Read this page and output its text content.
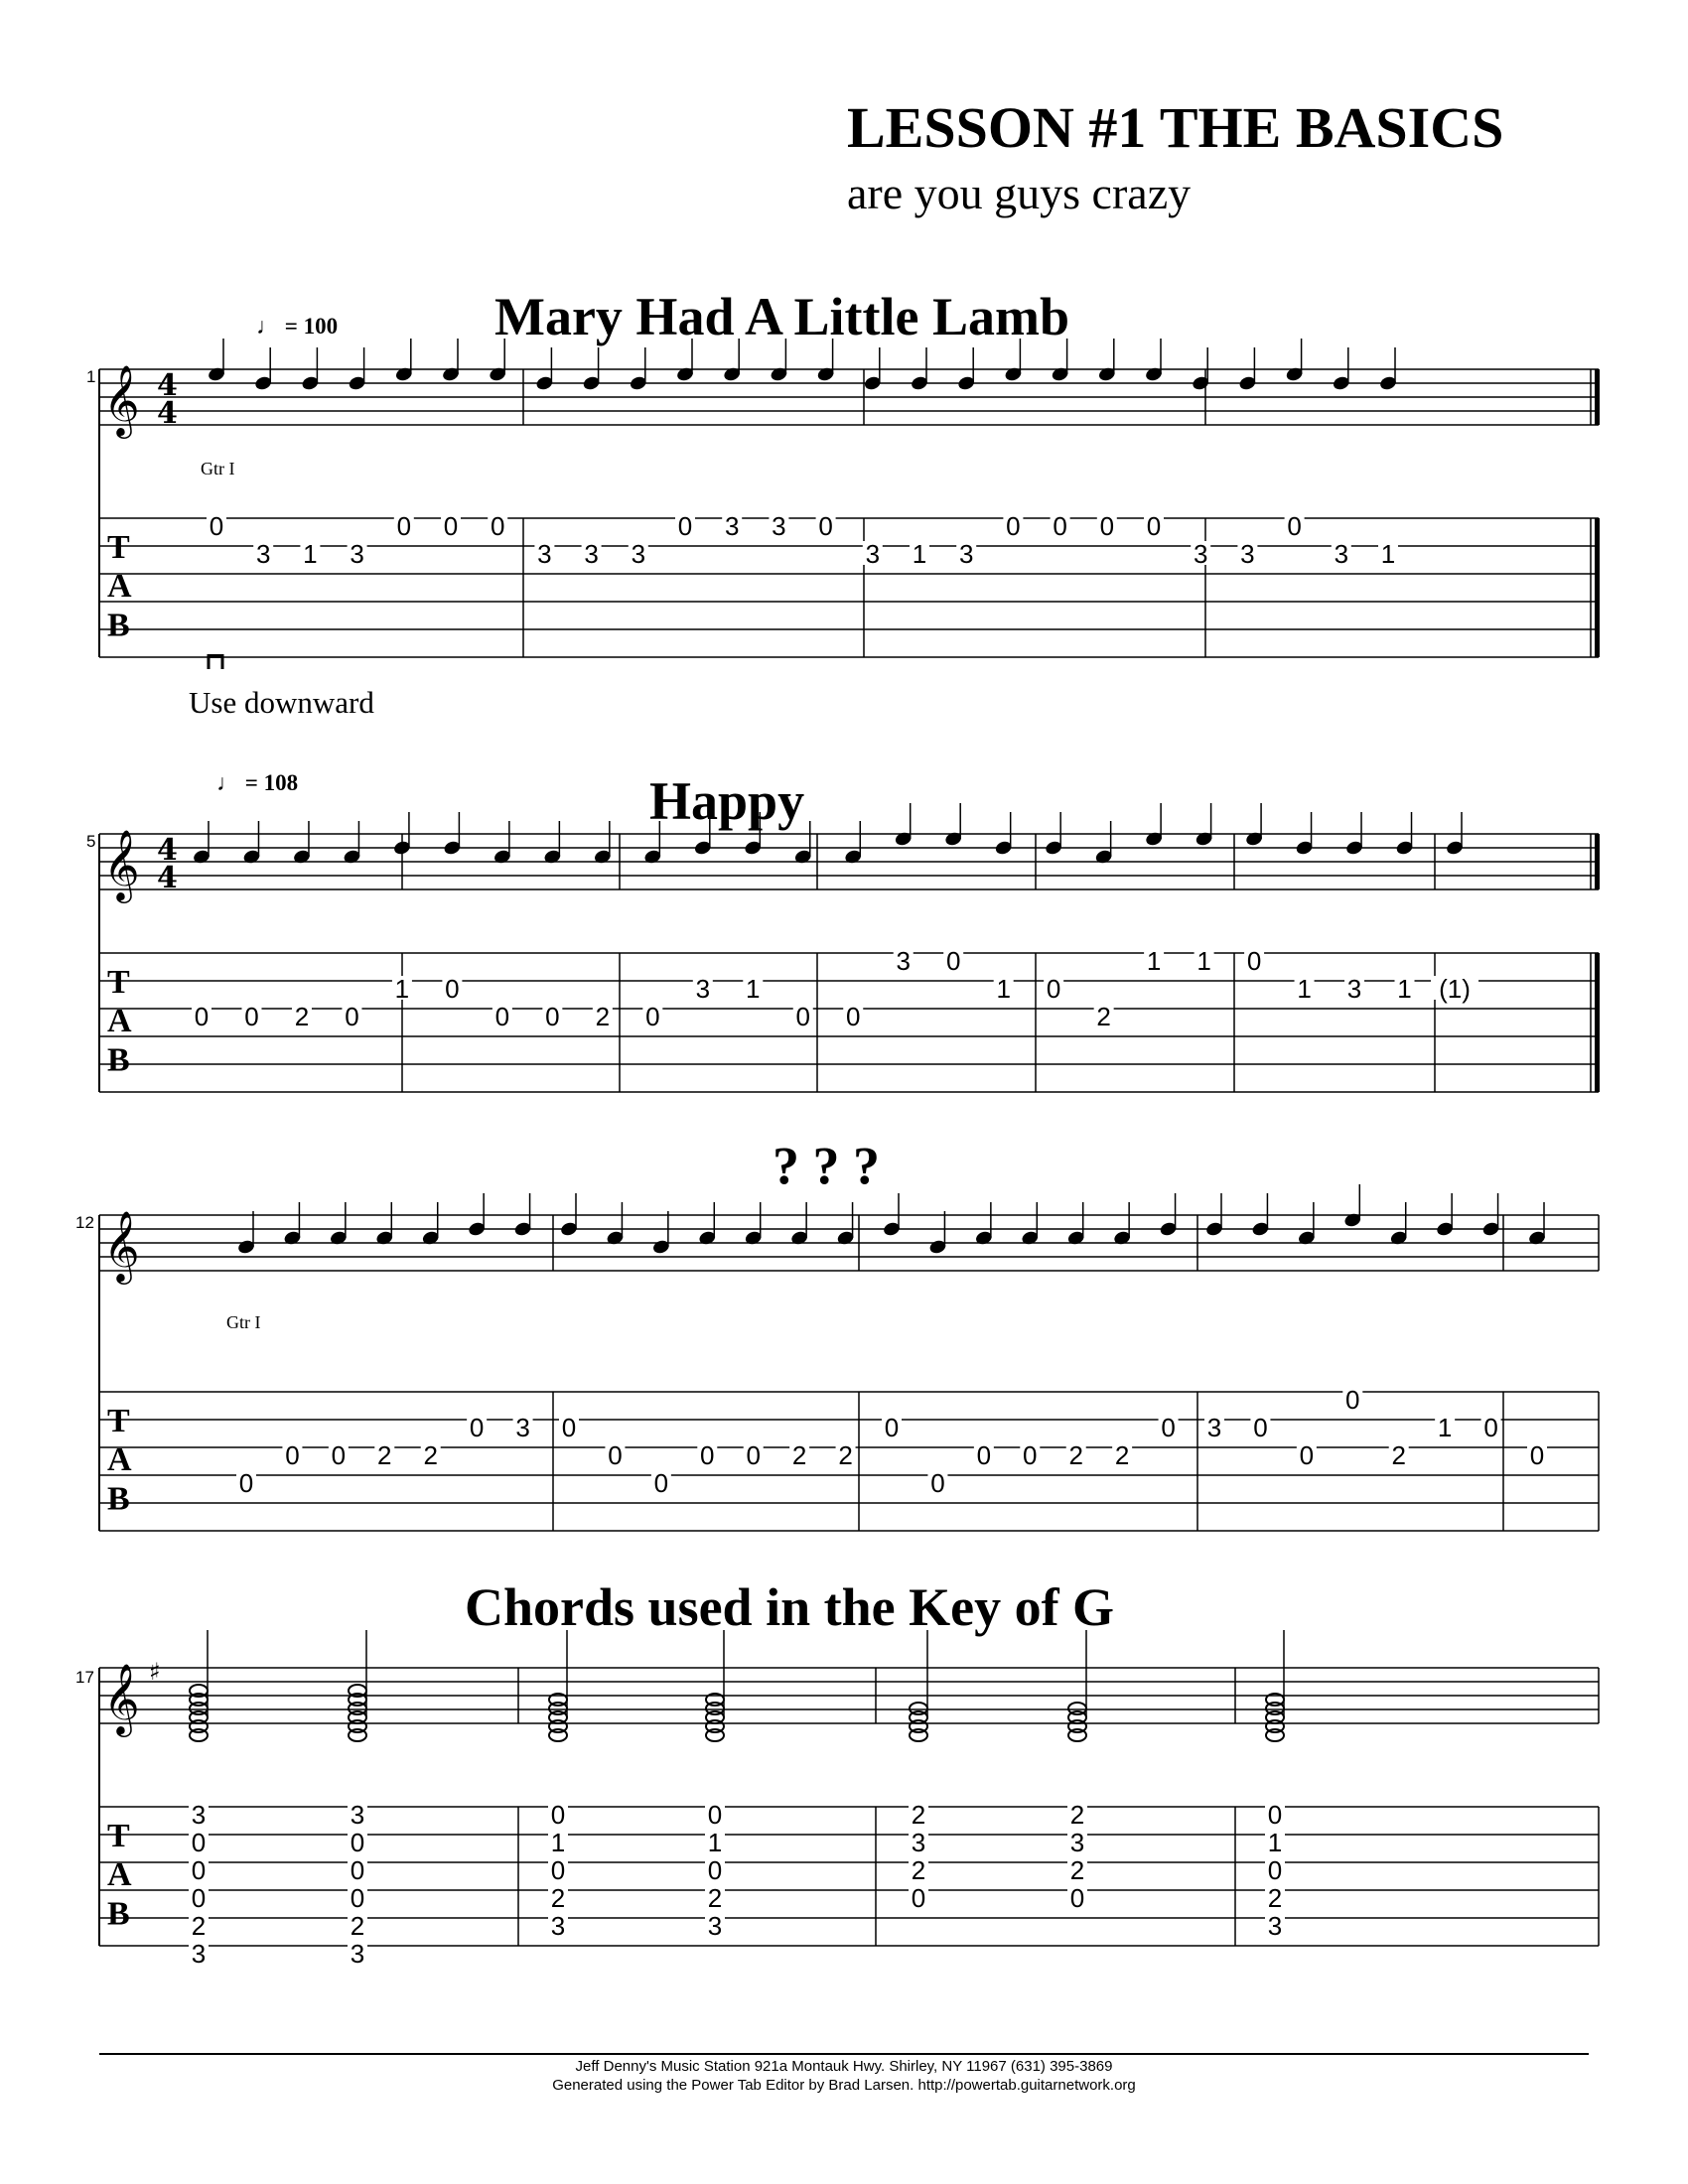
LESSON #1 THE BASICS
are you guys crazy
Mary Had A Little Lamb
Happy
? ? ?
Chords used in the Key of G
♩ = 100
♩ = 108
1
5
12
17
Gtr I
Gtr I
Use downward
𝄞 4
4
𝄞 4
4
𝄞
𝄞 ♯
T
A
B
T
A
B
T
A
B
T
A
B
0
3 1 3
0 0 0
3 3 3
0 3 3 0
3 1 3
0 0 0 0
3 3
0
3 1
0 0 2 0
1 0
0 0 2 0
3 1
0 0
3 0
1 0
2
1 1 0
1 3 1 (1)
0
0 0 2 2
0 3 0
0
0
0 0 2 2
0
0
0 0 2 2
0 3 0
0
0
2
1 0
0
3
0
0
0
2
3
3
0
0
0
2
3
0
1
0
2
3
0
1
0
2
3
2
3
2
0
2
3
2
0
0
1
0
2
3
Jeff Denny's Music Station 921a Montauk Hwy. Shirley, NY 11967 (631) 395-3869
Generated using the Power Tab Editor by Brad Larsen. http://powertab.guitarnetwork.org
